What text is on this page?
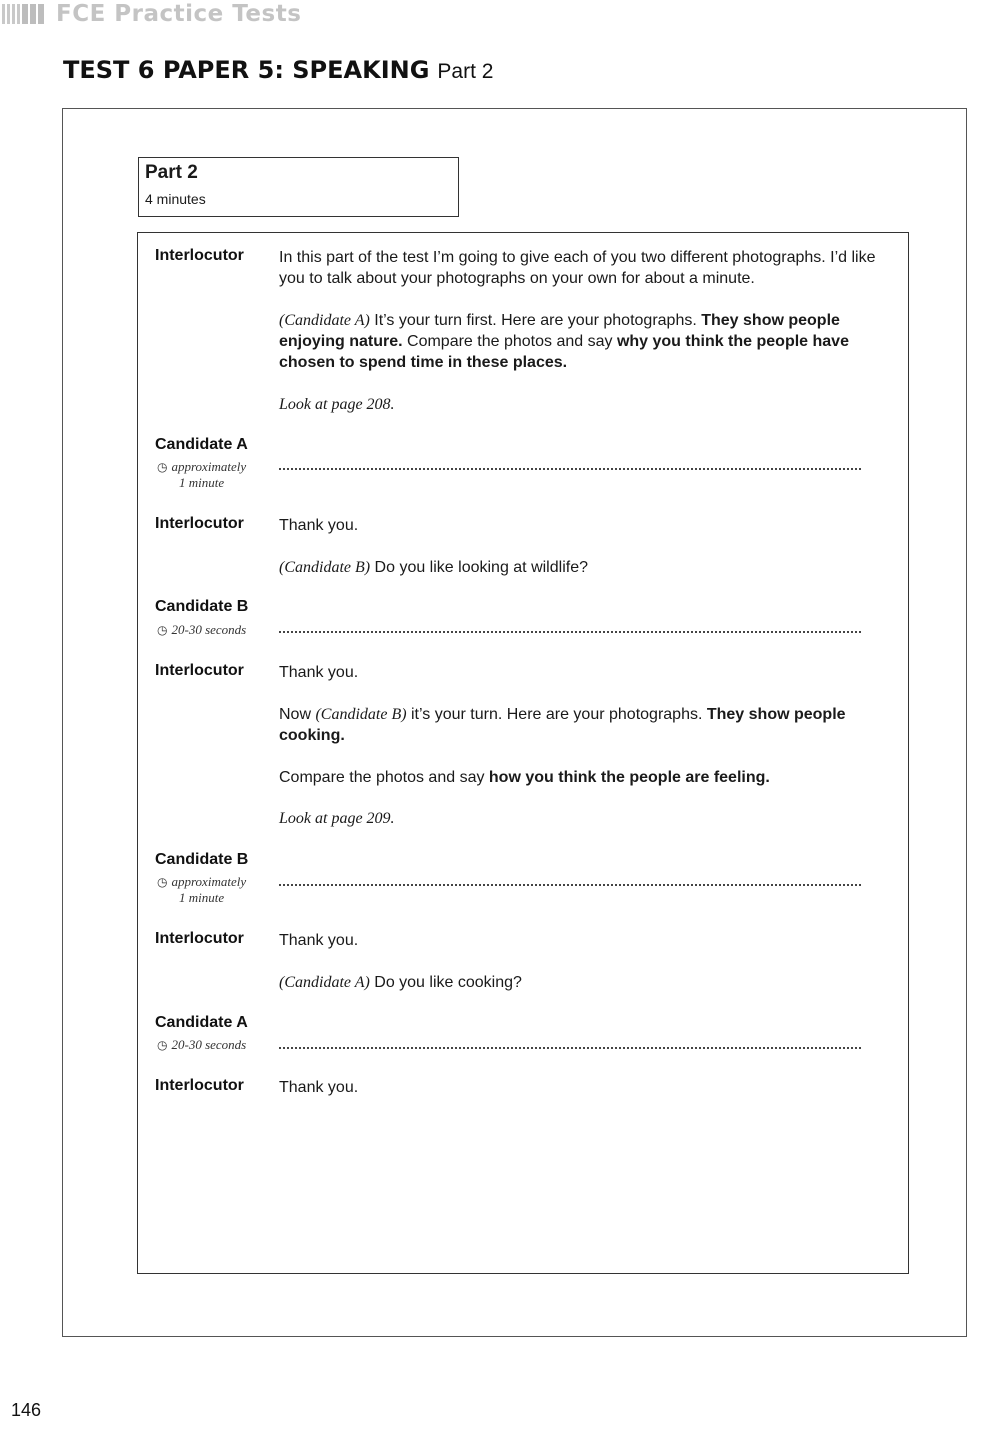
FCE Practice Tests
TEST 6 PAPER 5: SPEAKING Part 2
Part 2
4 minutes
Interlocutor In this part of the test I’m going to give each of you two different photographs. I’d like you to talk about your photographs on your own for about a minute.
(Candidate A) It’s your turn first. Here are your photographs. They show people enjoying nature. Compare the photos and say why you think the people have chosen to spend time in these places.
Look at page 208.
Candidate A
◷ approximately
1 minute
Interlocutor Thank you.
(Candidate B) Do you like looking at wildlife?
Candidate B
◷ 20-30 seconds
Interlocutor Thank you.
Now (Candidate B) it’s your turn. Here are your photographs. They show people cooking.
Compare the photos and say how you think the people are feeling.
Look at page 209.
Candidate B
◷ approximately
1 minute
Interlocutor Thank you.
(Candidate A) Do you like cooking?
Candidate A
◷ 20-30 seconds
Interlocutor Thank you.
146
